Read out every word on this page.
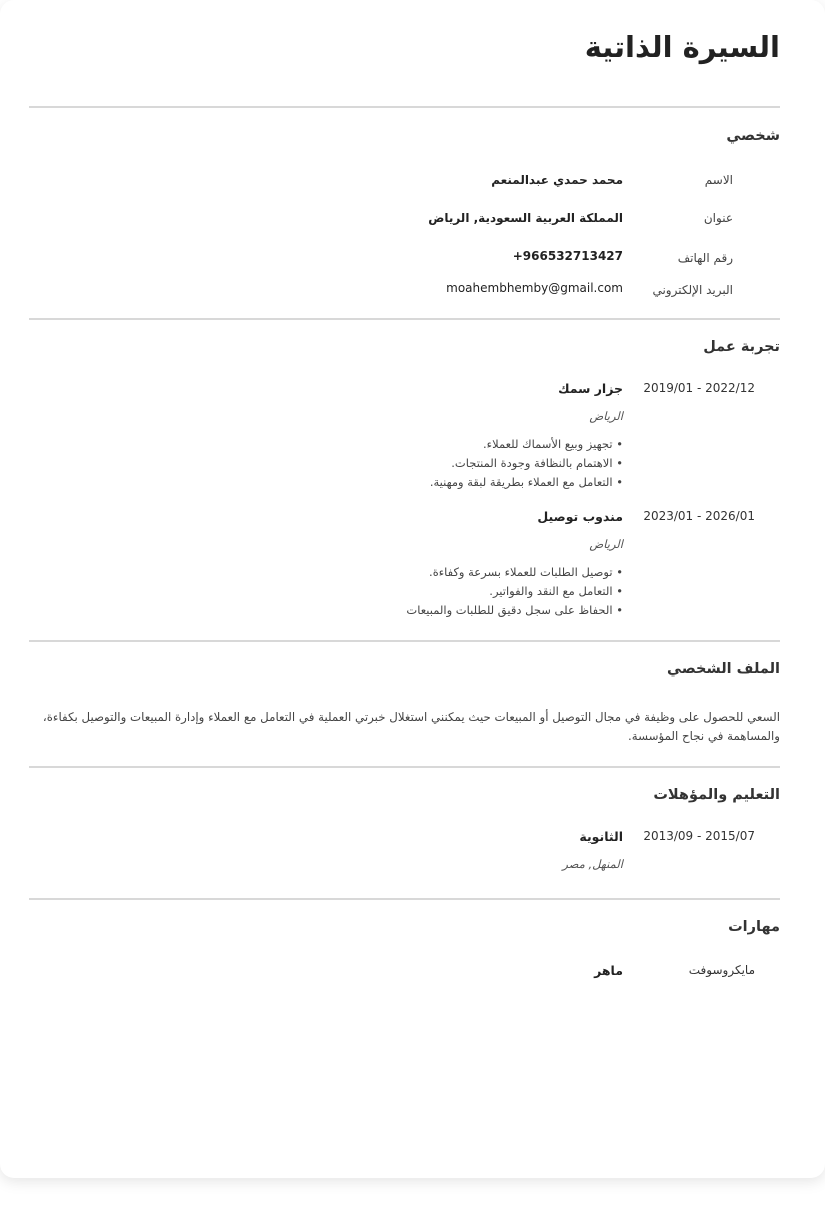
السيرة الذاتية
شخصي
الاسم
محمد حمدي عبدالمنعم
عنوان
المملكة العربية السعودية, الرياض
رقم الهاتف
+966532713427
البريد الإلكتروني
moahembhemby@gmail.com
تجربة عمل
2019/01 - 2022/12
جزار سمك
الرياض
• تجهيز وبيع الأسماك للعملاء.
• الاهتمام بالنظافة وجودة المنتجات.
• التعامل مع العملاء بطريقة لبقة ومهنية.
2023/01 - 2026/01
مندوب توصيل
الرياض
• توصيل الطلبات للعملاء بسرعة وكفاءة.
• التعامل مع النقد والفواتير.
• الحفاظ على سجل دقيق للطلبات والمبيعات
الملف الشخصي

السعي للحصول على وظيفة في مجال التوصيل أو المبيعات حيث يمكنني استغلال خبرتي العملية في التعامل مع العملاء وإدارة المبيعات والتوصيل بكفاءة، والمساهمة في نجاح المؤسسة.

التعليم والمؤهلات
2013/09 - 2015/07
الثانوية
المنهل, مصر
مهارات
مايكروسوفت
ماهر
